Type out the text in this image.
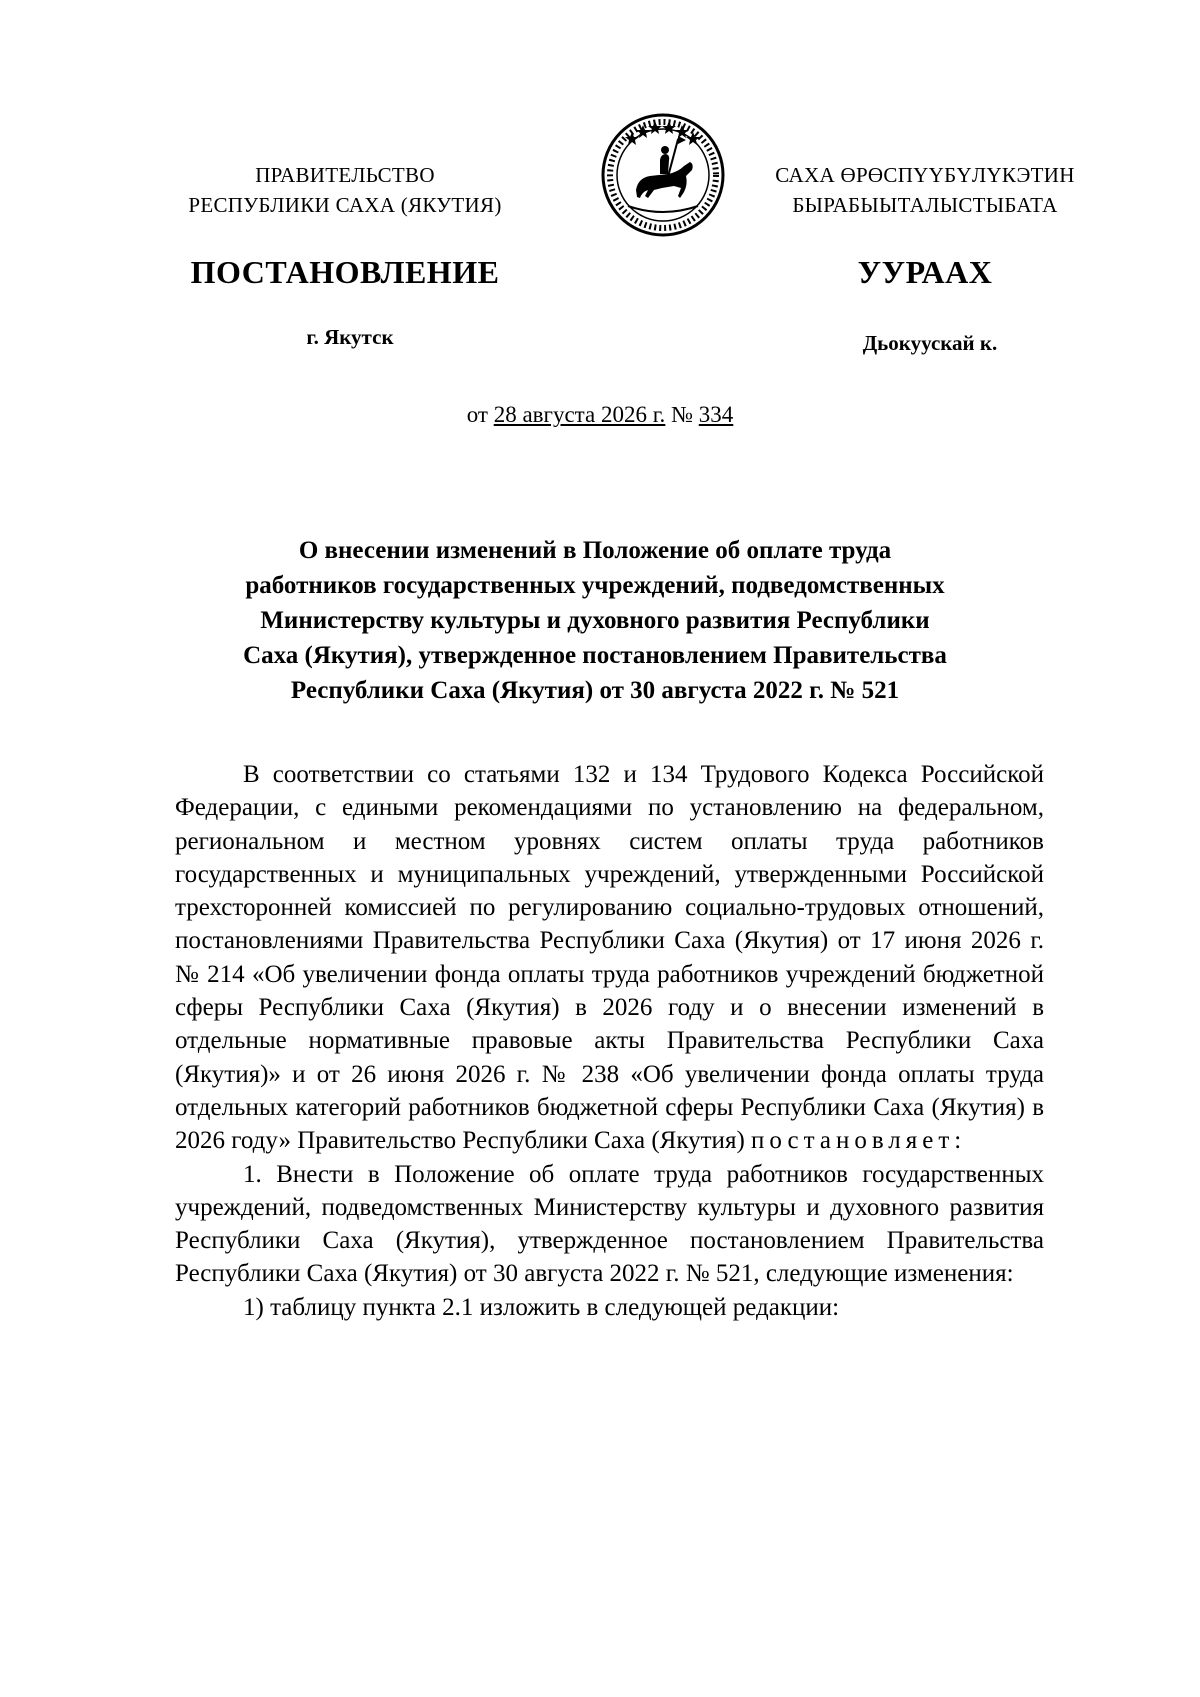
ПРАВИТЕЛЬСТВО
РЕСПУБЛИКИ САХА (ЯКУТИЯ)
САХА ӨРӨСПYYБYЛYКЭТИН
БЫРАБЫЫТАЛЫСТЫБАТА
ПОСТАНОВЛЕНИЕ	УУРААХ
г. Якутск	Дьокуускай к.
от 28 августа 2026 г. № 334
О внесении изменений в Положение об оплате труда
работников государственных учреждений, подведомственных
Министерству культуры и духовного развития Республики
Саха (Якутия), утвержденное постановлением Правительства
Республики Саха (Якутия) от 30 августа 2022 г. № 521

В соответствии со статьями 132 и 134 Трудового Кодекса Российской Федерации, с едиными рекомендациями по установлению на федеральном, региональном и местном уровнях систем оплаты труда работников государственных и муниципальных учреждений, утвержденными Российской трехсторонней комиссией по регулированию социально-трудовых отношений, постановлениями Правительства Республики Саха (Якутия) от 17 июня 2026 г. № 214 «Об увеличении фонда оплаты труда работников учреждений бюджетной сферы Республики Саха (Якутия) в 2026 году и о внесении изменений в отдельные нормативные правовые акты Правительства Республики Саха (Якутия)» и от 26 июня 2026 г. № 238 «Об увеличении фонда оплаты труда отдельных категорий работников бюджетной сферы Республики Саха (Якутия) в 2026 году» Правительство Республики Саха (Якутия) постановляет:

1. Внести в Положение об оплате труда работников государственных учреждений, подведомственных Министерству культуры и духовного развития Республики Саха (Якутия), утвержденное постановлением Правительства Республики Саха (Якутия) от 30 августа 2022 г. № 521, следующие изменения:

1) таблицу пункта 2.1 изложить в следующей редакции:
